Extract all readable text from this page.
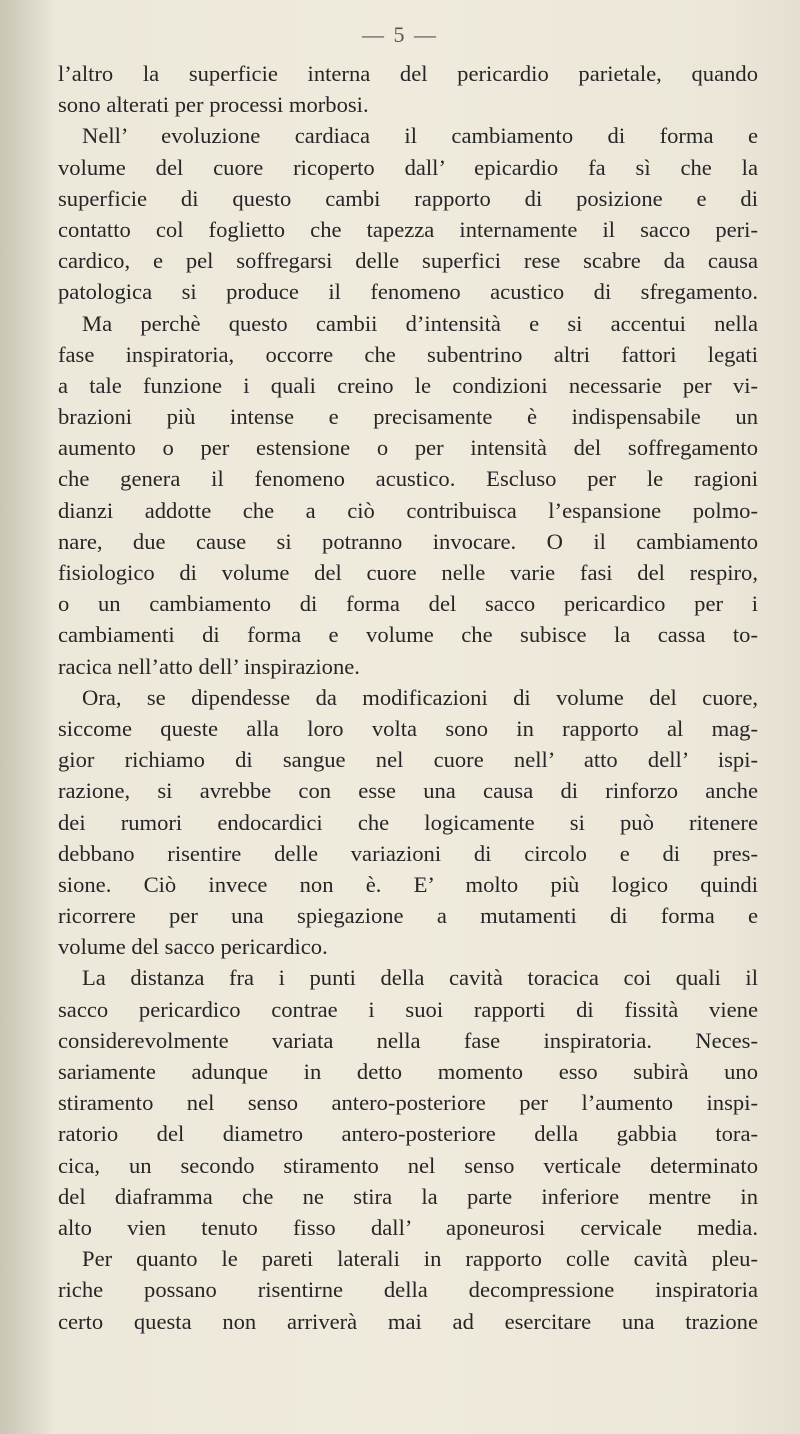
— 5 —
l’altro la superficie interna del pericardio parietale, quando
sono alterati per processi morbosi.
Nell’ evoluzione cardiaca il cambiamento di forma e
volume del cuore ricoperto dall’ epicardio fa sì che la
superficie di questo cambi rapporto di posizione e di
contatto col foglietto che tapezza internamente il sacco peri-
cardico, e pel soffregarsi delle superfici rese scabre da causa
patologica si produce il fenomeno acustico di sfregamento.
Ma perchè questo cambii d’intensità e si accentui nella
fase inspiratoria, occorre che subentrino altri fattori legati
a tale funzione i quali creino le condizioni necessarie per vi-
brazioni più intense e precisamente è indispensabile un
aumento o per estensione o per intensità del soffregamento
che genera il fenomeno acustico. Escluso per le ragioni
dianzi addotte che a ciò contribuisca l’espansione polmo-
nare, due cause si potranno invocare. O il cambiamento
fisiologico di volume del cuore nelle varie fasi del respiro,
o un cambiamento di forma del sacco pericardico per i
cambiamenti di forma e volume che subisce la cassa to-
racica nell’atto dell’ inspirazione.
Ora, se dipendesse da modificazioni di volume del cuore,
siccome queste alla loro volta sono in rapporto al mag-
gior richiamo di sangue nel cuore nell’ atto dell’ ispi-
razione, si avrebbe con esse una causa di rinforzo anche
dei rumori endocardici che logicamente si può ritenere
debbano risentire delle variazioni di circolo e di pres-
sione. Ciò invece non è. E’ molto più logico quindi
ricorrere per una spiegazione a mutamenti di forma e
volume del sacco pericardico.
La distanza fra i punti della cavità toracica coi quali il
sacco pericardico contrae i suoi rapporti di fissità viene
considerevolmente variata nella fase inspiratoria. Neces-
sariamente adunque in detto momento esso subirà uno
stiramento nel senso antero-posteriore per l’aumento inspi-
ratorio del diametro antero-posteriore della gabbia tora-
cica, un secondo stiramento nel senso verticale determinato
del diaframma che ne stira la parte inferiore mentre in
alto vien tenuto fisso dall’ aponeurosi cervicale media.
Per quanto le pareti laterali in rapporto colle cavità pleu-
riche possano risentirne della decompressione inspiratoria
certo questa non arriverà mai ad esercitare una trazione
